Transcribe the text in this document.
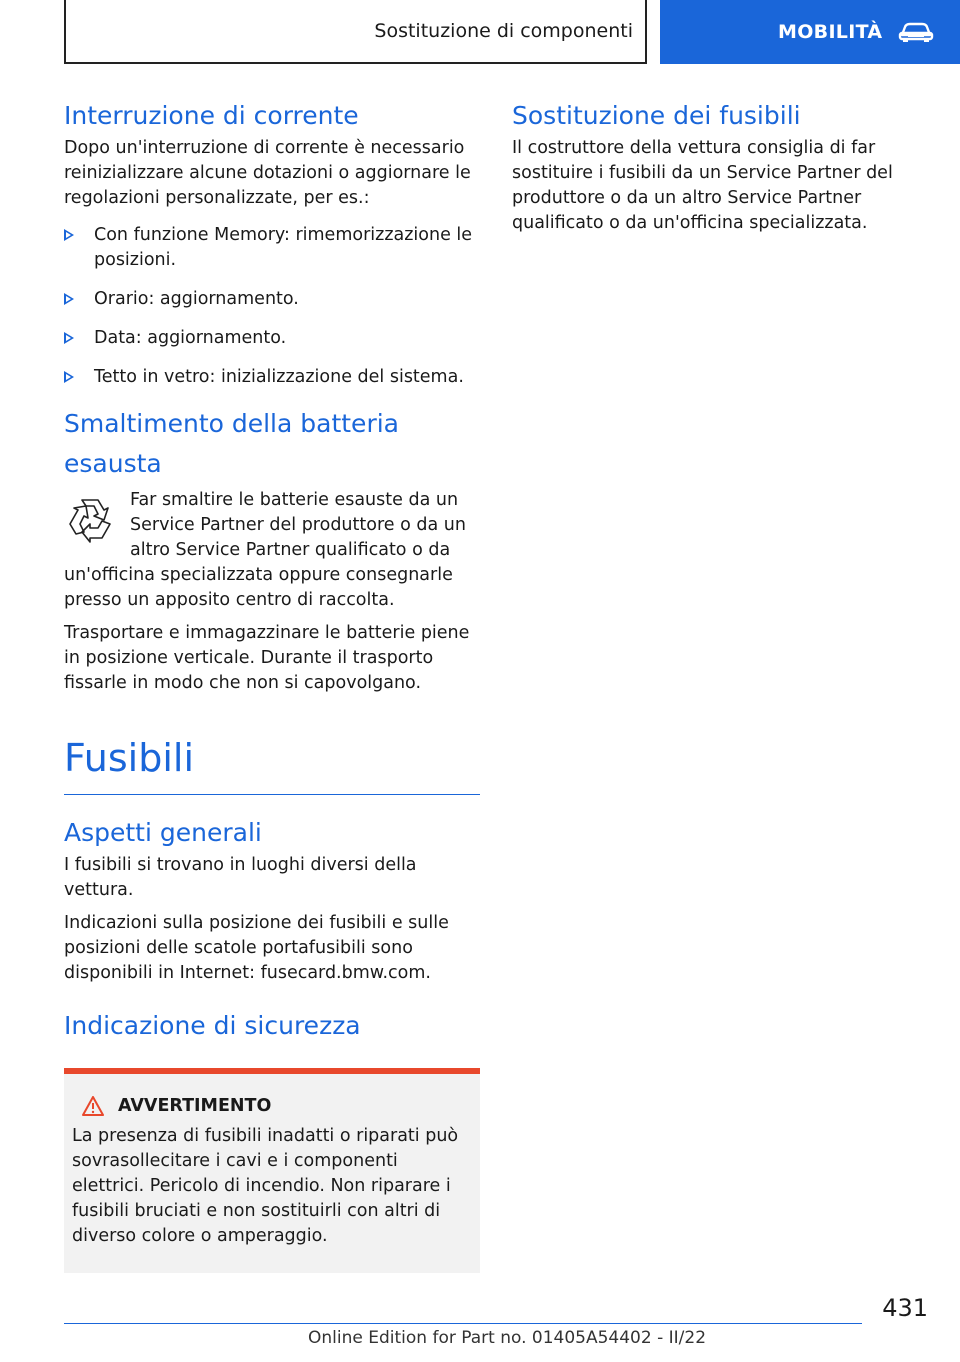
Sostituzione di componenti	MOBILITÀ
Interruzione di corrente

Dopo un'interruzione di corrente è necessario reinizializzare alcune dotazioni o aggiornare le regolazioni personalizzate, per es.:

Con funzione Memory: rimemorizzazione le posizioni.
Orario: aggiornamento.
Data: aggiornamento.
Tetto in vetro: inizializzazione del sistema.
Smaltimento della batteria esausta

Far smaltire le batterie esauste da un Service Partner del produttore o da un altro Service Partner qualificato o da un'officina specializzata oppure consegnarle presso un apposito centro di raccolta.

Trasportare e immagazzinare le batterie piene in posizione verticale. Durante il trasporto fissarle in modo che non si capovolgano.

Fusibili
Aspetti generali

I fusibili si trovano in luoghi diversi della vettura.

Indicazioni sulla posizione dei fusibili e sulle posizioni delle scatole portafusibili sono disponibili in Internet: fusecard.bmw.com.

Indicazione di sicurezza
AVVERTIMENTO

La presenza di fusibili inadatti o riparati può sovrasollecitare i cavi e i componenti elettrici. Pericolo di incendio. Non riparare i fusibili bruciati e non sostituirli con altri di diverso colore o amperaggio.

Sostituzione dei fusibili

Il costruttore della vettura consiglia di far sostituire i fusibili da un Service Partner del produttore o da un altro Service Partner qualificato o da un'officina specializzata.

431
Online Edition for Part no. 01405A54402 - II/22
